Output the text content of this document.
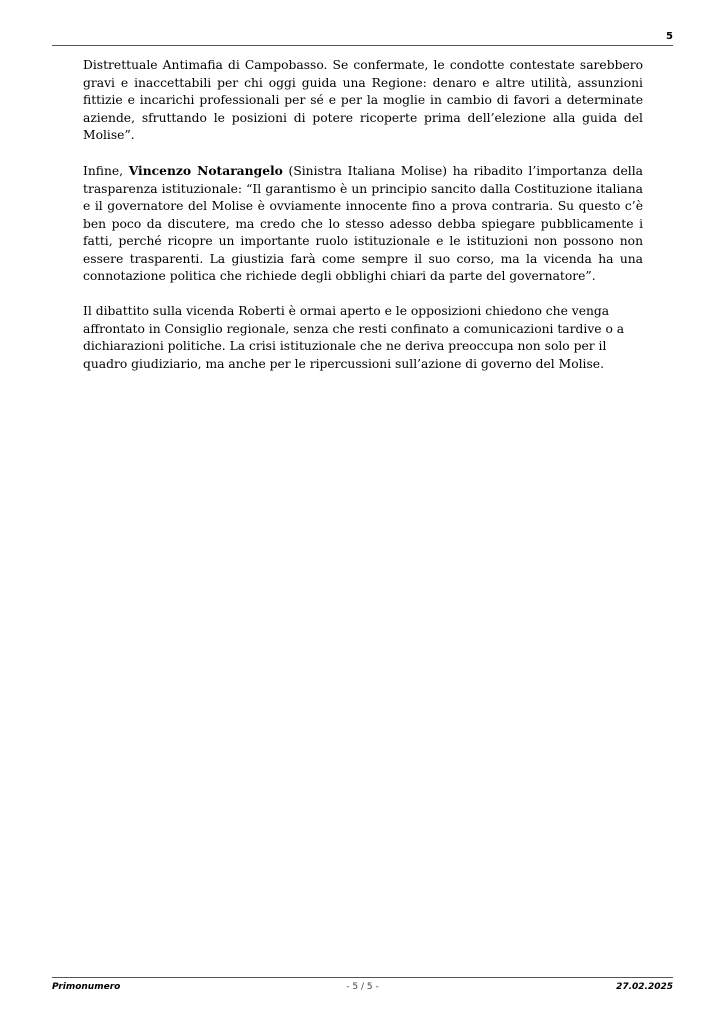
5

Distrettuale Antimafia di Campobasso. Se confermate, le condotte contestate sarebbero gravi e inaccettabili per chi oggi guida una Regione: denaro e altre utilità, assunzioni fittizie e incarichi professionali per sé e per la moglie in cambio di favori a determinate aziende, sfruttando le posizioni di potere ricoperte prima dell’elezione alla guida del Molise”.

Infine, Vincenzo Notarangelo (Sinistra Italiana Molise) ha ribadito l’importanza della trasparenza istituzionale: “Il garantismo è un principio sancito dalla Costituzione italiana e il governatore del Molise è ovviamente innocente fino a prova contraria. Su questo c’è ben poco da discutere, ma credo che lo stesso adesso debba spiegare pubblicamente i fatti, perché ricopre un importante ruolo istituzionale e le istituzioni non possono non essere trasparenti. La giustizia farà come sempre il suo corso, ma la vicenda ha una connotazione politica che richiede degli obblighi chiari da parte del governatore”.

Il dibattito sulla vicenda Roberti è ormai aperto e le opposizioni chiedono che venga affrontato in Consiglio regionale, senza che resti confinato a comunicazioni tardive o a dichiarazioni politiche. La crisi istituzionale che ne deriva preoccupa non solo per il quadro giudiziario, ma anche per le ripercussioni sull’azione di governo del Molise.

Primonumero	- 5 / 5 -	27.02.2025
